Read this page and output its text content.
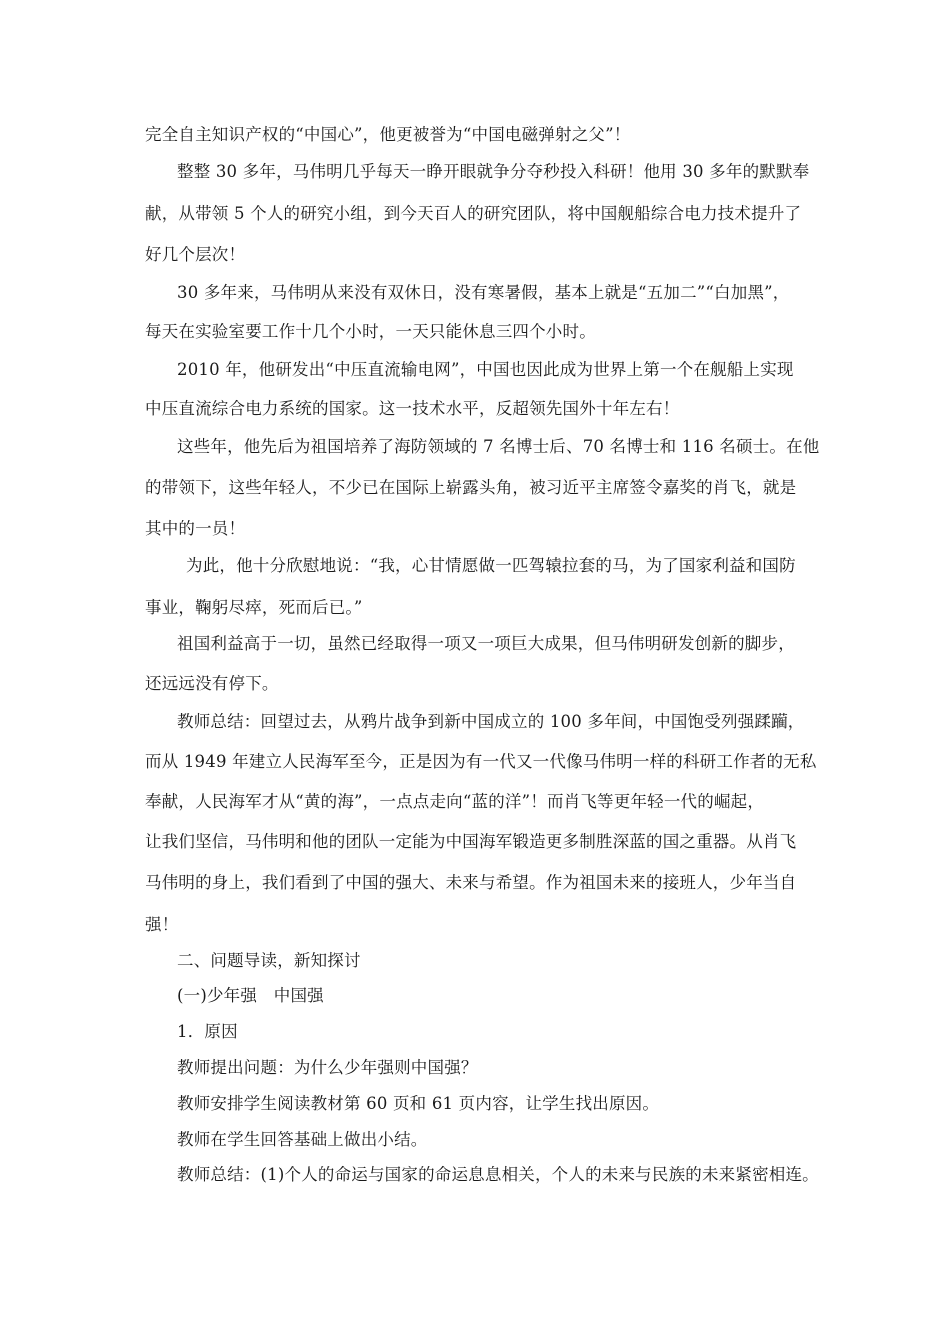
完全自主知识产权的“中国心”，他更被誉为“中国电磁弹射之父”！
整整 30 多年，马伟明几乎每天一睁开眼就争分夺秒投入科研！他用 30 多年的默默奉
献，从带领 5 个人的研究小组，到今天百人的研究团队，将中国舰船综合电力技术提升了
好几个层次！
30 多年来，马伟明从来没有双休日，没有寒暑假，基本上就是“五加二”“白加黑”，
每天在实验室要工作十几个小时，一天只能休息三四个小时。
2010 年，他研发出“中压直流输电网”，中国也因此成为世界上第一个在舰船上实现
中压直流综合电力系统的国家。这一技术水平，反超领先国外十年左右！
这些年，他先后为祖国培养了海防领域的 7 名博士后、70 名博士和 116 名硕士。在他
的带领下，这些年轻人，不少已在国际上崭露头角，被习近平主席签令嘉奖的肖飞，就是
其中的一员！
为此，他十分欣慰地说：“我，心甘情愿做一匹驾辕拉套的马，为了国家利益和国防
事业，鞠躬尽瘁，死而后已。”
祖国利益高于一切，虽然已经取得一项又一项巨大成果，但马伟明研发创新的脚步，
还远远没有停下。
教师总结：回望过去，从鸦片战争到新中国成立的 100 多年间，中国饱受列强蹂躏，
而从 1949 年建立人民海军至今，正是因为有一代又一代像马伟明一样的科研工作者的无私
奉献，人民海军才从“黄的海”，一点点走向“蓝的洋”！而肖飞等更年轻一代的崛起，
让我们坚信，马伟明和他的团队一定能为中国海军锻造更多制胜深蓝的国之重器。从肖飞
马伟明的身上，我们看到了中国的强大、未来与希望。作为祖国未来的接班人，少年当自
强！
二、问题导读，新知探讨
(一)少年强　中国强
1．原因
教师提出问题：为什么少年强则中国强？
教师安排学生阅读教材第 60 页和 61 页内容，让学生找出原因。
教师在学生回答基础上做出小结。
教师总结：(1)个人的命运与国家的命运息息相关，个人的未来与民族的未来紧密相连。
